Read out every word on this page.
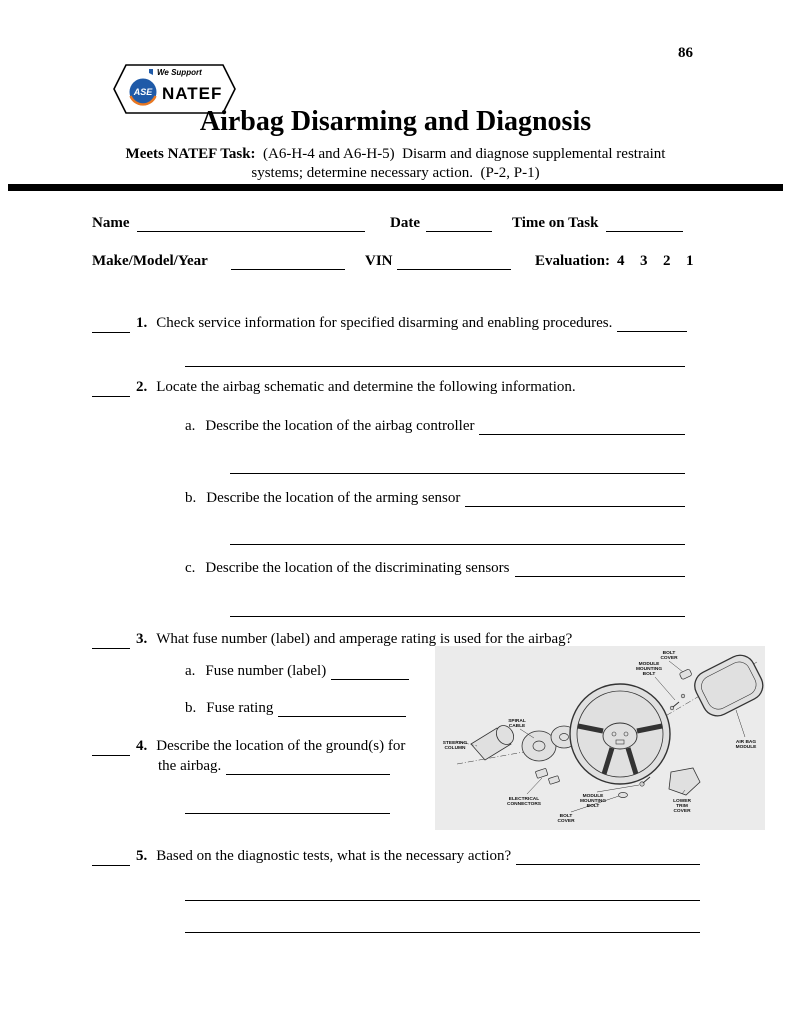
We Support
ASE NATEF

86
Airbag Disarming and Diagnosis
Meets NATEF Task:  (A6-H-4 and A6-H-5)  Disarm and diagnose supplemental restraint
systems; determine necessary action.  (P-2, P-1)
Name	Date	Time on Task
Make/Model/Year	VIN	Evaluation: 4 3 2 1
1. Check service information for specified disarming and enabling procedures.
2. Locate the airbag schematic and determine the following information.
a. Describe the location of the airbag controller
b. Describe the location of the arming sensor
c. Describe the location of the discriminating sensors
3. What fuse number (label) and amperage rating is used for the airbag?
a. Fuse number (label)
b. Fuse rating
4. Describe the location of the ground(s) for
the airbag.
BOLT
COVER
MODULE
MOUNTING
BOLT
AIR BAG
MODULE
SPIRAL
CABLE
STEERING
COLUMN
ELECTRICAL
CONNECTORS
MODULE
MOUNTING
BOLT
BOLT
COVER
LOWER
TRIM
COVER
5. Based on the diagnostic tests, what is the necessary action?
